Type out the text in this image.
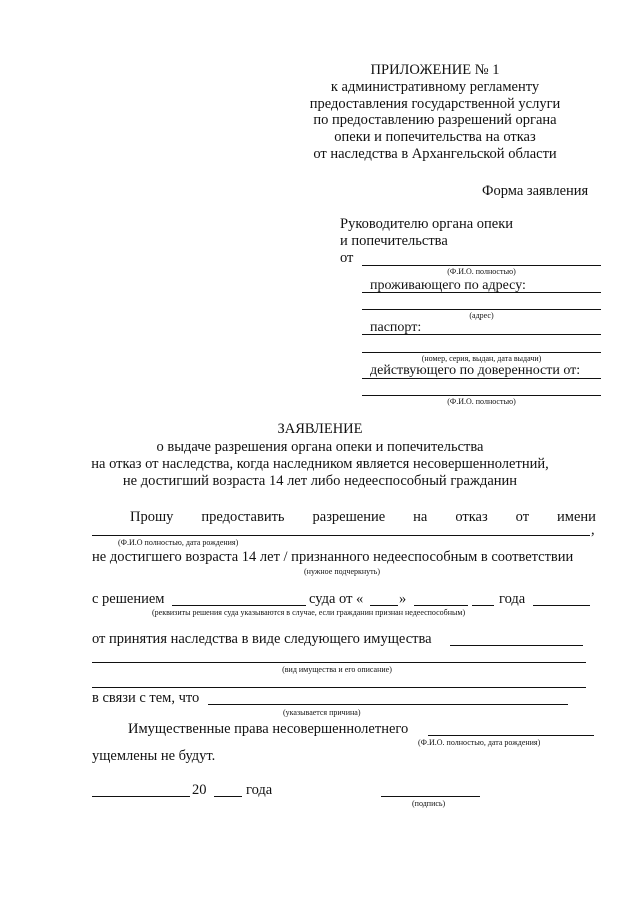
ПРИЛОЖЕНИЕ № 1
к административному регламенту
предоставления государственной услуги
по предоставлению разрешений органа
опеки и попечительства на отказ
от наследства в Архангельской области
Форма заявления
Руководителю органа опеки
и попечительства
от
(Ф.И.О. полностью)
проживающего по адресу:
(адрес)
паспорт:
(номер, серия, выдан, дата выдачи)
действующего по доверенности от:
(Ф.И.О. полностью)
ЗАЯВЛЕНИЕ
о выдаче разрешения органа опеки и попечительства
на отказ от наследства, когда наследником является несовершеннолетний,
не достигший возраста 14 лет либо недееспособный гражданин
Прошу предоставить разрешение на отказ от имени
,
(Ф.И.О полностью, дата рождения)
не достигшего возраста 14 лет / признанного недееспособным в соответствии
(нужное подчеркнуть)
с решением	суда от « »	года
(реквизиты решения суда указываются в случае, если гражданин признан недееспособным)
от принятия наследства в виде следующего имущества
(вид имущества и его описание)
в связи с тем, что
(указывается причина)
Имущественные права несовершеннолетнего
(Ф.И.О. полностью, дата рождения)
ущемлены не будут.
20	года
(подпись)
